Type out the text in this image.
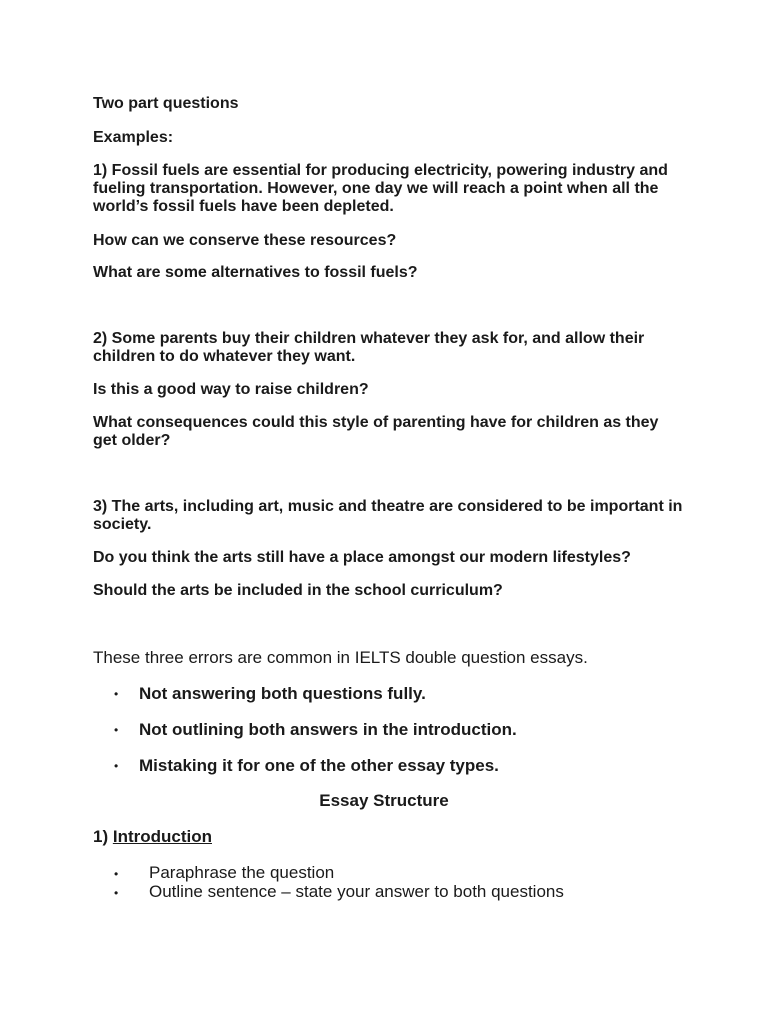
Two part questions

Examples:

1) Fossil fuels are essential for producing electricity, powering industry and fueling transportation. However, one day we will reach a point when all the world’s fossil fuels have been depleted.

How can we conserve these resources?

What are some alternatives to fossil fuels?

2) Some parents buy their children whatever they ask for, and allow their children to do whatever they want.

Is this a good way to raise children?

What consequences could this style of parenting have for children as they get older?

3) The arts, including art, music and theatre are considered to be important in society.

Do you think the arts still have a place amongst our modern lifestyles?

Should the arts be included in the school curriculum?

These three errors are common in IELTS double question essays.

• Not answering both questions fully.

• Not outlining both answers in the introduction.

• Mistaking it for one of the other essay types.

Essay Structure

1) Introduction

• Paraphrase the question

• Outline sentence – state your answer to both questions
